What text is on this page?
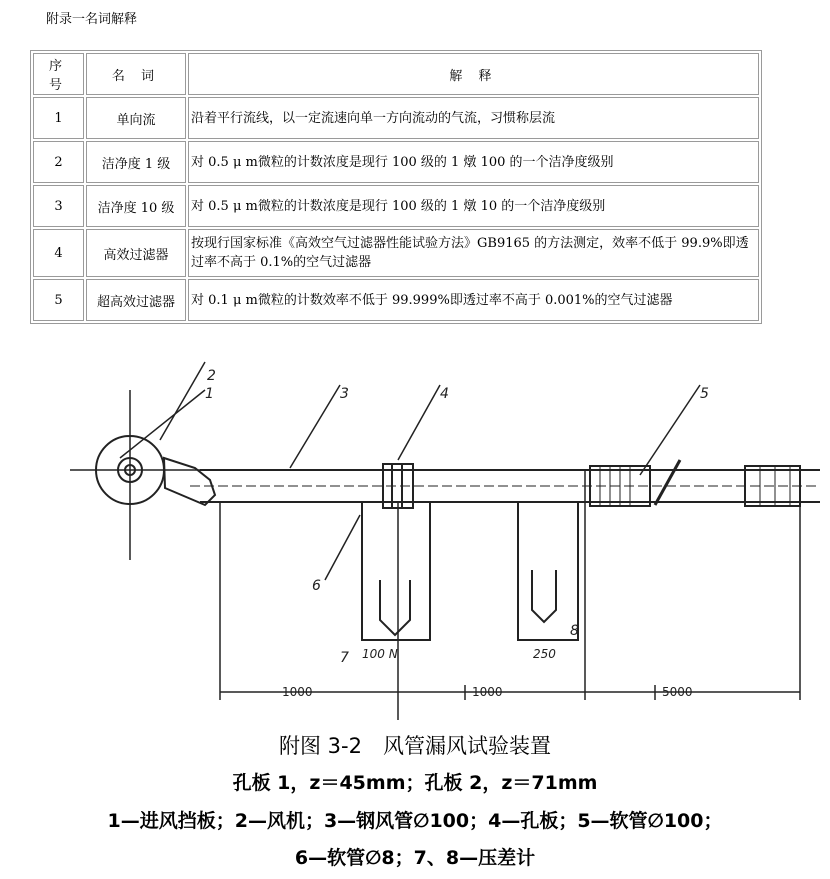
附录一名词解释
序 号	名 词	解 释
1	单向流	沿着平行流线，以一定流速向单一方向流动的气流，习惯称层流
2	洁净度 1 级	对 0.5 μ m微粒的计数浓度是现行 100 级的 1 燉 100 的一个洁净度级别
3	洁净度 10 级	对 0.5 μ m微粒的计数浓度是现行 100 级的 1 燉 10 的一个洁净度级别
4	高效过滤器	按现行国家标准《高效空气过滤器性能试验方法》GB9165 的方法测定，效率不低于 99.9%即透过率不高于 0.1%的空气过滤器
5	超高效过滤器	对 0.1 μ m微粒的计数效率不低于 99.999%即透过率不高于 0.001%的空气过滤器
2
1	3	4	5
6
7
8
100 N	250
1000	1000	5000
附图 3-2　风管漏风试验装置
孔板 1，z＝45mm；孔板 2，z＝71mm
1—进风挡板；2—风机；3—钢风管∅100；4—孔板；5—软管∅100；
6—软管∅8；7、8—压差计
